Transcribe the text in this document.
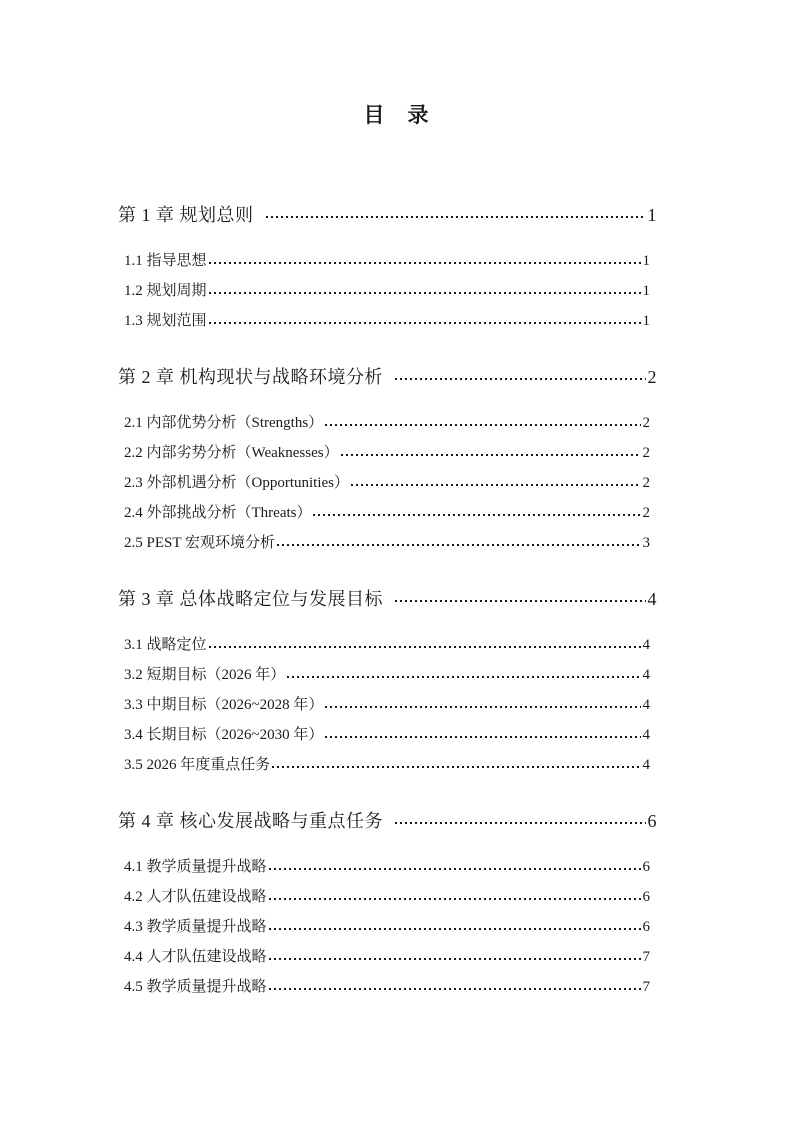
目　录
第 1 章 规划总则	1
1.1 指导思想	1
1.2 规划周期	1
1.3 规划范围	1
第 2 章 机构现状与战略环境分析	2
2.1 内部优势分析（Strengths）	2
2.2 内部劣势分析（Weaknesses）	2
2.3 外部机遇分析（Opportunities）	2
2.4 外部挑战分析（Threats）	2
2.5 PEST 宏观环境分析	3
第 3 章 总体战略定位与发展目标	4
3.1 战略定位	4
3.2 短期目标（2026 年）	4
3.3 中期目标（2026~2028 年）	4
3.4 长期目标（2026~2030 年）	4
3.5 2026 年度重点任务	4
第 4 章 核心发展战略与重点任务	6
4.1 教学质量提升战略	6
4.2 人才队伍建设战略	6
4.3 教学质量提升战略	6
4.4 人才队伍建设战略	7
4.5 教学质量提升战略	7
